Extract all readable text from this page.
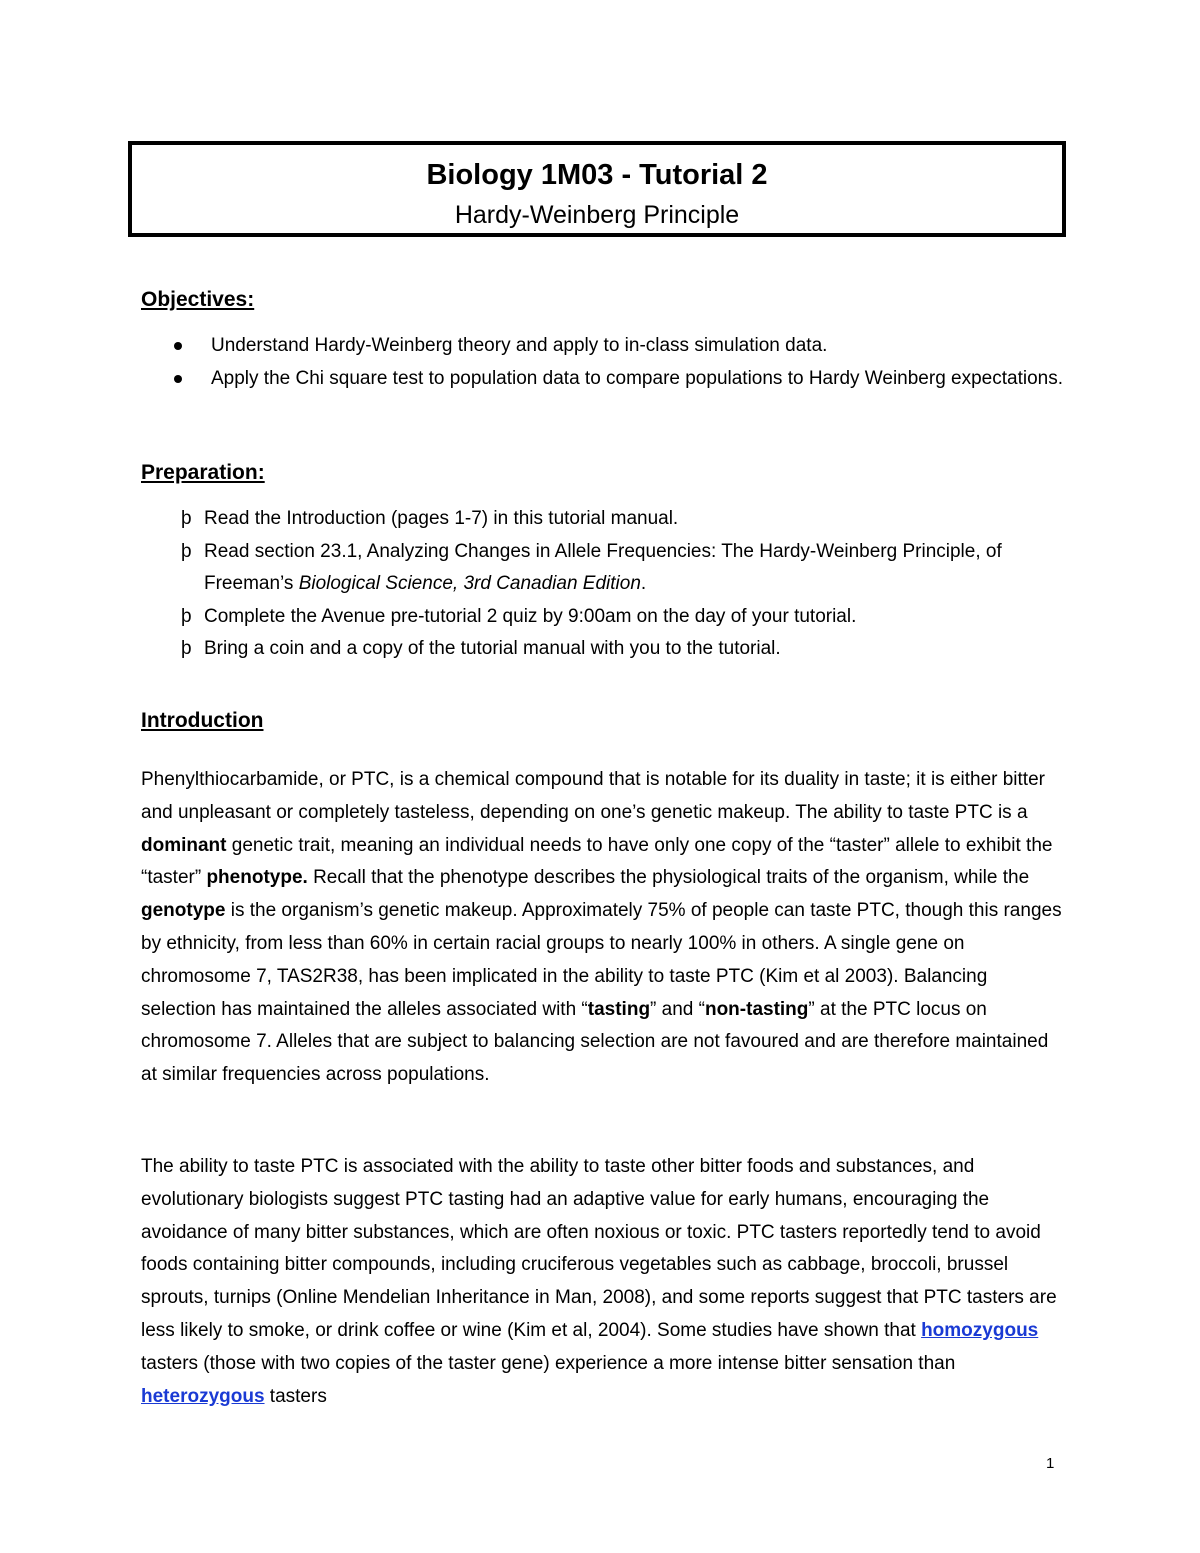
Biology 1M03 - Tutorial 2
Hardy-Weinberg Principle
Objectives:
Understand Hardy-Weinberg theory and apply to in-class simulation data.
Apply the Chi square test to population data to compare populations to Hardy Weinberg expectations.
Preparation:
þ Read the Introduction (pages 1-7) in this tutorial manual.
þ Read section 23.1, Analyzing Changes in Allele Frequencies: The Hardy-Weinberg Principle, of Freeman’s Biological Science, 3rd Canadian Edition.
þ Complete the Avenue pre-tutorial 2 quiz by 9:00am on the day of your tutorial.
þ Bring a coin and a copy of the tutorial manual with you to the tutorial.
Introduction
Phenylthiocarbamide, or PTC, is a chemical compound that is notable for its duality in taste; it is either bitter and unpleasant or completely tasteless, depending on one’s genetic makeup. The ability to taste PTC is a dominant genetic trait, meaning an individual needs to have only one copy of the “taster” allele to exhibit the “taster” phenotype. Recall that the phenotype describes the physiological traits of the organism, while the genotype is the organism’s genetic makeup. Approximately 75% of people can taste PTC, though this ranges by ethnicity, from less than 60% in certain racial groups to nearly 100% in others. A single gene on chromosome 7, TAS2R38, has been implicated in the ability to taste PTC (Kim et al 2003). Balancing selection has maintained the alleles associated with “tasting” and “non-tasting” at the PTC locus on chromosome 7. Alleles that are subject to balancing selection are not favoured and are therefore maintained at similar frequencies across populations.
The ability to taste PTC is associated with the ability to taste other bitter foods and substances, and evolutionary biologists suggest PTC tasting had an adaptive value for early humans, encouraging the avoidance of many bitter substances, which are often noxious or toxic. PTC tasters reportedly tend to avoid foods containing bitter compounds, including cruciferous vegetables such as cabbage, broccoli, brussel sprouts, turnips (Online Mendelian Inheritance in Man, 2008), and some reports suggest that PTC tasters are less likely to smoke, or drink coffee or wine (Kim et al, 2004). Some studies have shown that homozygous tasters (those with two copies of the taster gene) experience a more intense bitter sensation than heterozygous tasters
1
